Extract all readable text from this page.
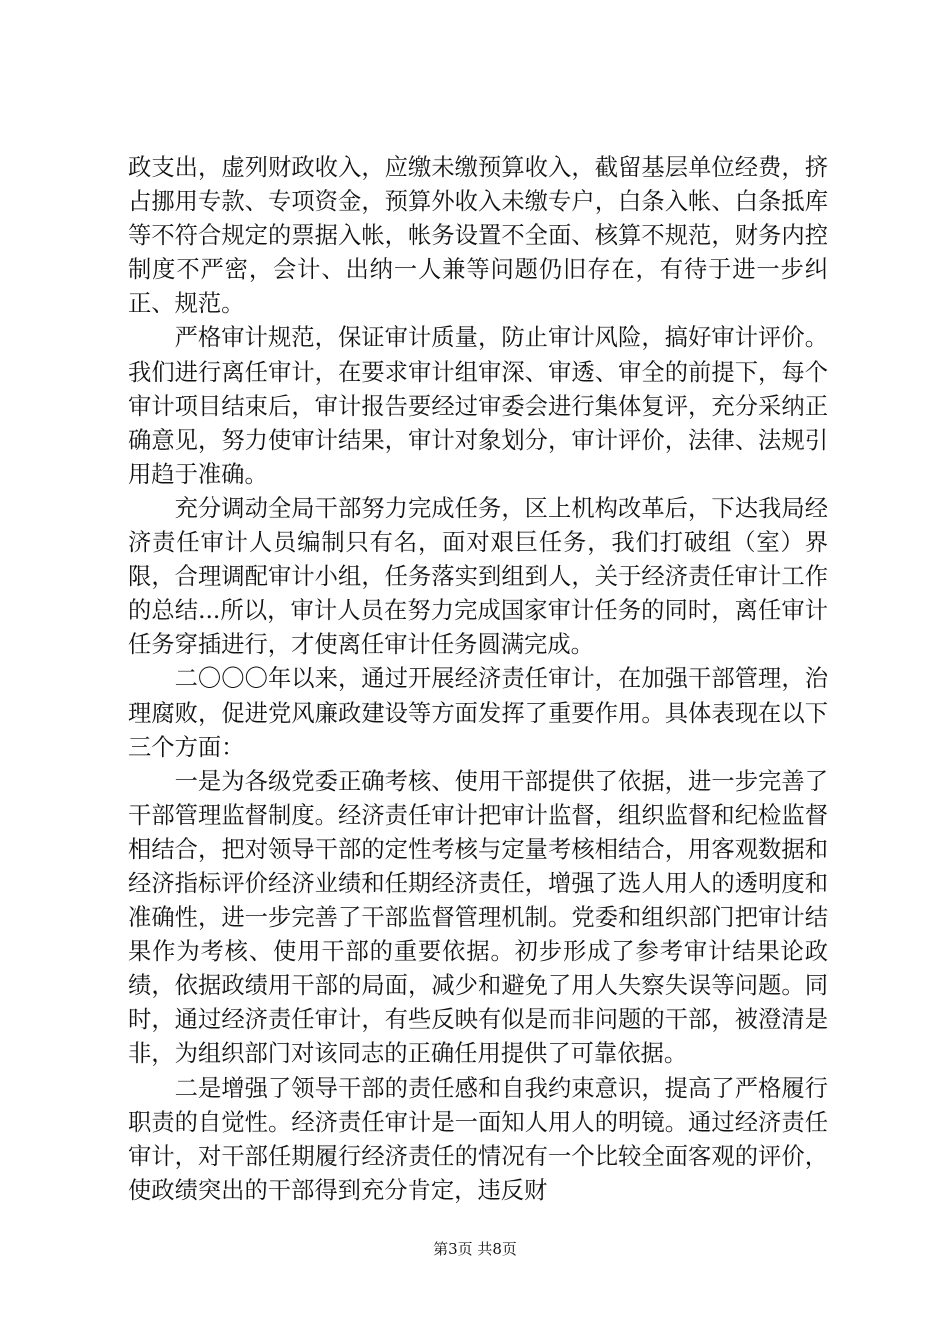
政支出，虚列财政收入，应缴未缴预算收入，截留基层单位经费，挤占挪用专款、专项资金，预算外收入未缴专户，白条入帐、白条抵库等不符合规定的票据入帐，帐务设置不全面、核算不规范，财务内控制度不严密，会计、出纳一人兼等问题仍旧存在，有待于进一步纠正、规范。

严格审计规范，保证审计质量，防止审计风险，搞好审计评价。我们进行离任审计，在要求审计组审深、审透、审全的前提下，每个审计项目结束后，审计报告要经过审委会进行集体复评，充分采纳正确意见，努力使审计结果，审计对象划分，审计评价，法律、法规引用趋于准确。

充分调动全局干部努力完成任务，区上机构改革后，下达我局经济责任审计人员编制只有名，面对艰巨任务，我们打破组（室）界限，合理调配审计小组，任务落实到组到人，关于经济责任审计工作的总结...所以，审计人员在努力完成国家审计任务的同时，离任审计任务穿插进行，才使离任审计任务圆满完成。

二〇〇〇年以来，通过开展经济责任审计，在加强干部管理，治理腐败，促进党风廉政建设等方面发挥了重要作用。具体表现在以下三个方面：

一是为各级党委正确考核、使用干部提供了依据，进一步完善了干部管理监督制度。经济责任审计把审计监督，组织监督和纪检监督相结合，把对领导干部的定性考核与定量考核相结合，用客观数据和经济指标评价经济业绩和任期经济责任，增强了选人用人的透明度和准确性，进一步完善了干部监督管理机制。党委和组织部门把审计结果作为考核、使用干部的重要依据。初步形成了参考审计结果论政绩，依据政绩用干部的局面，减少和避免了用人失察失误等问题。同时，通过经济责任审计，有些反映有似是而非问题的干部，被澄清是非，为组织部门对该同志的正确任用提供了可靠依据。

二是增强了领导干部的责任感和自我约束意识，提高了严格履行职责的自觉性。经济责任审计是一面知人用人的明镜。通过经济责任审计，对干部任期履行经济责任的情况有一个比较全面客观的评价，使政绩突出的干部得到充分肯定，违反财

第3页 共8页
